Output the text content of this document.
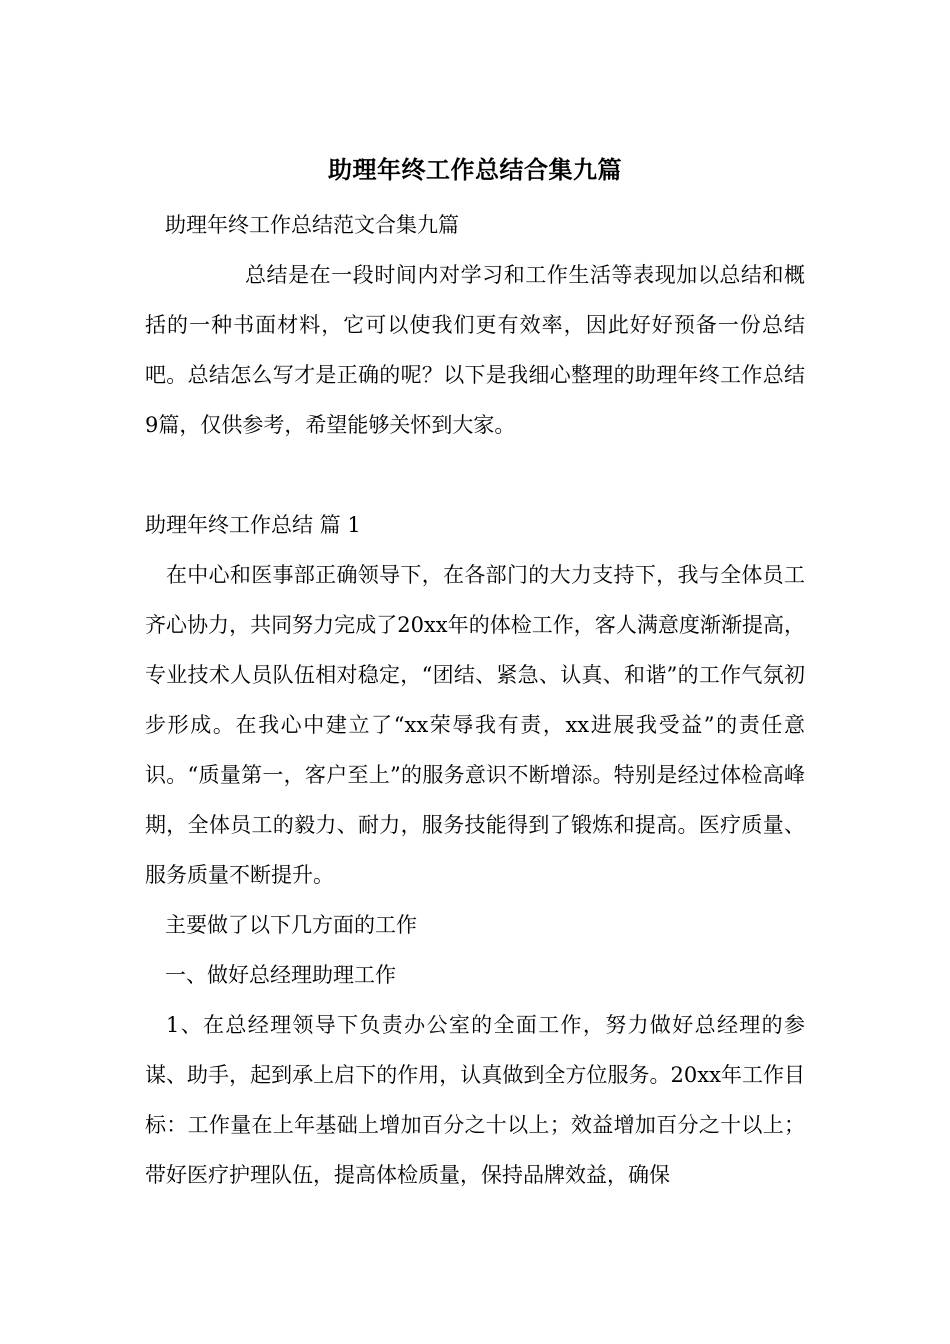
助理年终工作总结合集九篇

助理年终工作总结范文合集九篇

总结是在一段时间内对学习和工作生活等表现加以总结和概括的一种书面材料，它可以使我们更有效率，因此好好预备一份总结吧。总结怎么写才是正确的呢？以下是我细心整理的助理年终工作总结9篇，仅供参考，希望能够关怀到大家。

助理年终工作总结 篇 1

在中心和医事部正确领导下，在各部门的大力支持下，我与全体员工齐心协力，共同努力完成了20xx年的体检工作，客人满意度渐渐提高，专业技术人员队伍相对稳定，“团结、紧急、认真、和谐”的工作气氛初步形成。在我心中建立了“xx荣辱我有责，xx进展我受益”的责任意识。“质量第一，客户至上”的服务意识不断增添。特别是经过体检高峰期，全体员工的毅力、耐力，服务技能得到了锻炼和提高。医疗质量、服务质量不断提升。

主要做了以下几方面的工作

一、做好总经理助理工作

1、在总经理领导下负责办公室的全面工作，努力做好总经理的参谋、助手，起到承上启下的作用，认真做到全方位服务。20xx年工作目标：工作量在上年基础上增加百分之十以上；效益增加百分之十以上；带好医疗护理队伍，提高体检质量，保持品牌效益，确保
